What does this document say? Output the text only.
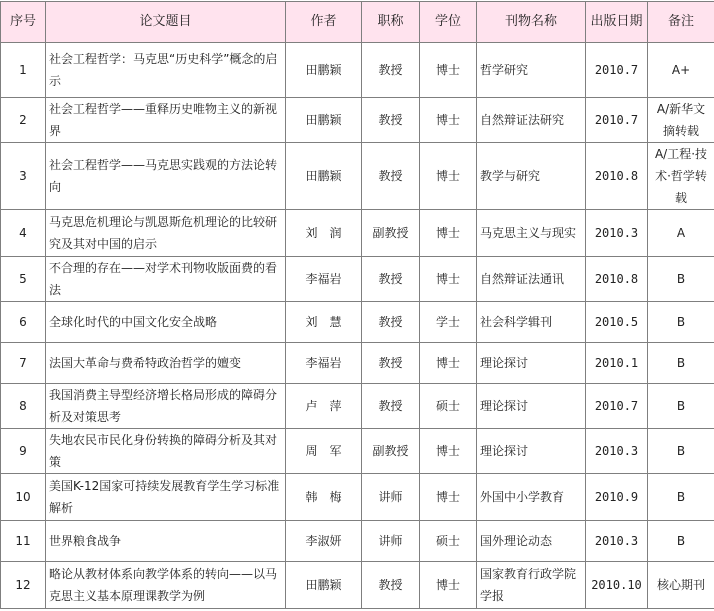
序号	论文题目	作者	职称	学位	刊物名称	出版日期	备注
1	社会工程哲学：马克思“历史科学”概念的启示	田鹏颖	教授	博士	哲学研究	2010.7	A+
2	社会工程哲学——重释历史唯物主义的新视界	田鹏颖	教授	博士	自然辩证法研究	2010.7	A/新华文摘转载
3	社会工程哲学——马克思实践观的方法论转向	田鹏颖	教授	博士	教学与研究	2010.8	A/工程·技术·哲学转载
4	马克思危机理论与凯恩斯危机理论的比较研究及其对中国的启示	刘　润	副教授	博士	马克思主义与现实	2010.3	A
5	不合理的存在——对学术刊物收版面费的看法	李福岩	教授	博士	自然辩证法通讯	2010.8	B
6	全球化时代的中国文化安全战略	刘　慧	教授	学士	社会科学辑刊	2010.5	B
7	法国大革命与费希特政治哲学的嬗变	李福岩	教授	博士	理论探讨	2010.1	B
8	我国消费主导型经济增长格局形成的障碍分析及对策思考	卢　萍	教授	硕士	理论探讨	2010.7	B
9	失地农民市民化身份转换的障碍分析及其对策	周　军	副教授	博士	理论探讨	2010.3	B
10	美国K-12国家可持续发展教育学生学习标准解析	韩　梅	讲师	博士	外国中小学教育	2010.9	B
11	世界粮食战争	李淑妍	讲师	硕士	国外理论动态	2010.3	B
12	略论从教材体系向教学体系的转向——以马克思主义基本原理课教学为例	田鹏颖	教授	博士	国家教育行政学院学报	2010.10	核心期刊
